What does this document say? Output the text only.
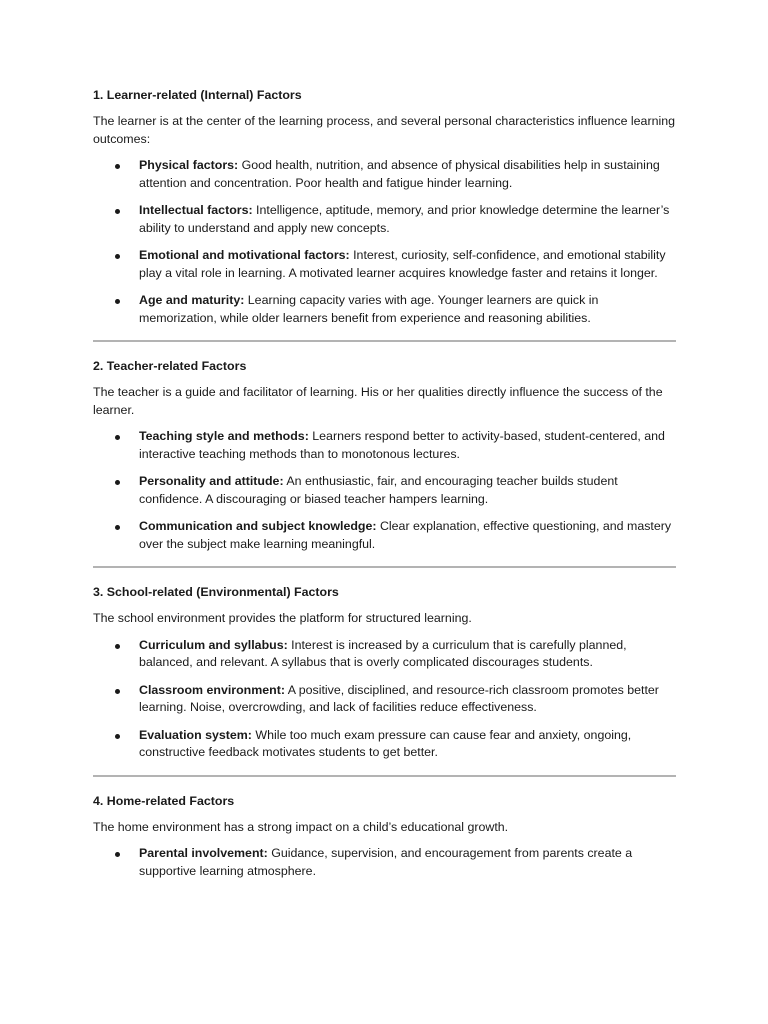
1. Learner-related (Internal) Factors

The learner is at the center of the learning process, and several personal characteristics influence learning outcomes:

Physical factors: Good health, nutrition, and absence of physical disabilities help in sustaining attention and concentration. Poor health and fatigue hinder learning.
Intellectual factors: Intelligence, aptitude, memory, and prior knowledge determine the learner’s ability to understand and apply new concepts.
Emotional and motivational factors: Interest, curiosity, self-confidence, and emotional stability play a vital role in learning. A motivated learner acquires knowledge faster and retains it longer.
Age and maturity: Learning capacity varies with age. Younger learners are quick in memorization, while older learners benefit from experience and reasoning abilities.
2. Teacher-related Factors

The teacher is a guide and facilitator of learning. His or her qualities directly influence the success of the learner.

Teaching style and methods: Learners respond better to activity-based, student-centered, and interactive teaching methods than to monotonous lectures.
Personality and attitude: An enthusiastic, fair, and encouraging teacher builds student confidence. A discouraging or biased teacher hampers learning.
Communication and subject knowledge: Clear explanation, effective questioning, and mastery over the subject make learning meaningful.
3. School-related (Environmental) Factors

The school environment provides the platform for structured learning.

Curriculum and syllabus: Interest is increased by a curriculum that is carefully planned, balanced, and relevant. A syllabus that is overly complicated discourages students.
Classroom environment: A positive, disciplined, and resource-rich classroom promotes better learning. Noise, overcrowding, and lack of facilities reduce effectiveness.
Evaluation system: While too much exam pressure can cause fear and anxiety, ongoing, constructive feedback motivates students to get better.
4. Home-related Factors

The home environment has a strong impact on a child’s educational growth.

Parental involvement: Guidance, supervision, and encouragement from parents create a supportive learning atmosphere.
